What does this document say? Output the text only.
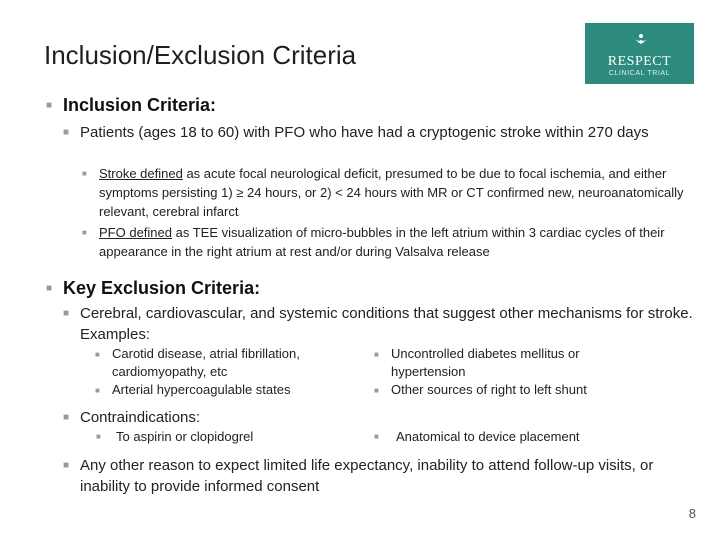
Inclusion/Exclusion Criteria	RESPECT
CLINICAL TRIAL
■ Inclusion Criteria:
■ Patients (ages 18 to 60) with PFO who have had a cryptogenic stroke within 270 days
■ Stroke defined as acute focal neurological deficit, presumed to be due to focal ischemia, and either symptoms persisting 1) ≥ 24 hours, or 2) < 24 hours with MR or CT confirmed new, neuroanatomically relevant, cerebral infarct
■ PFO defined as TEE visualization of micro-bubbles in the left atrium within 3 cardiac cycles of their appearance in the right atrium at rest and/or during Valsalva release
■ Key Exclusion Criteria:
■ Cerebral, cardiovascular, and systemic conditions that suggest other mechanisms for stroke. Examples:
■ Carotid disease, atrial fibrillation, cardiomyopathy, etc
■ Arterial hypercoagulable states
■ Uncontrolled diabetes mellitus or hypertension
■ Other sources of right to left shunt
■ Contraindications:
■ To aspirin or clopidogrel	■ Anatomical to device placement
■ Any other reason to expect limited life expectancy, inability to attend follow-up visits, or inability to provide informed consent
8
